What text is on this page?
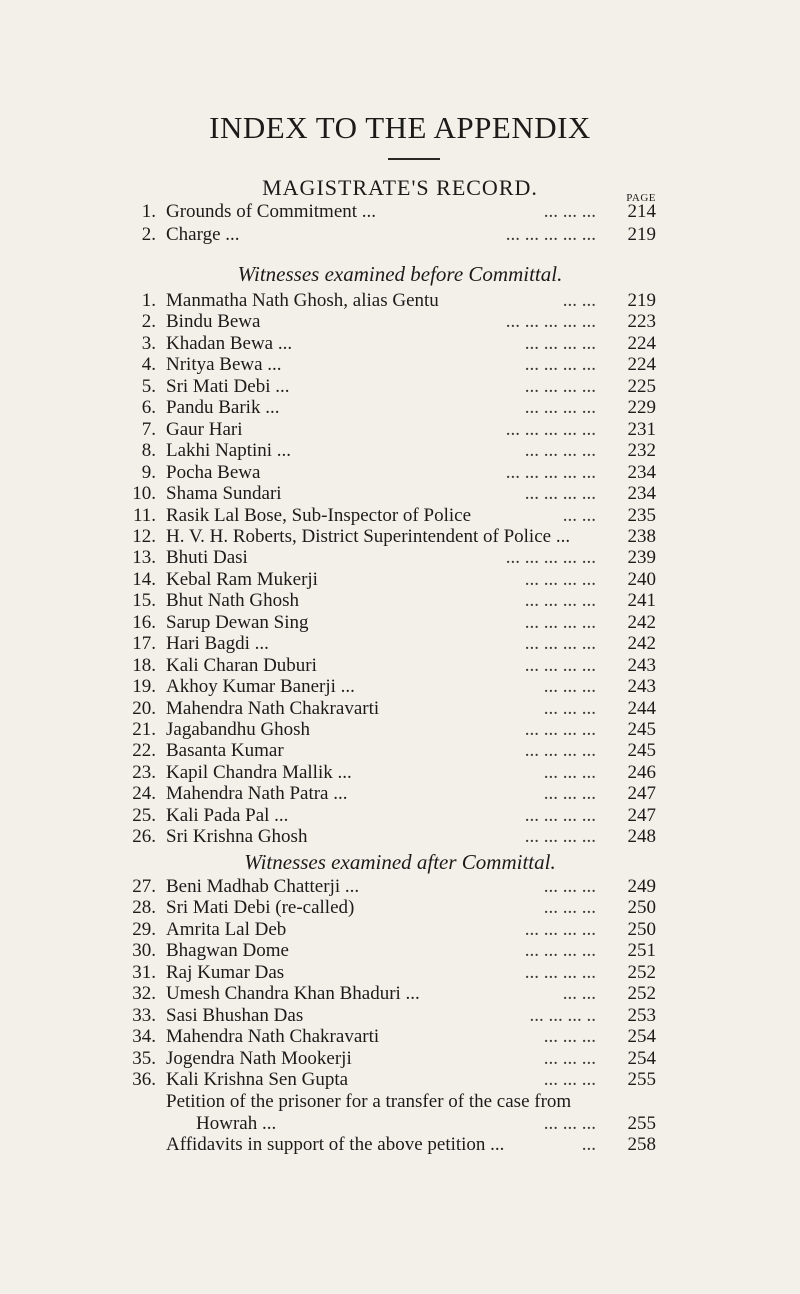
INDEX TO THE APPENDIX
MAGISTRATE'S RECORD.	PAGE
1. Grounds of Commitment ...	... ... ...	214
2. Charge ...	... ... ... ... ...	219
Witnesses examined before Committal.
1. Manmatha Nath Ghosh, alias Gentu	... ...	219
2. Bindu Bewa	... ... ... ... ...	223
3. Khadan Bewa ...	... ... ... ...	224
4. Nritya Bewa ...	... ... ... ...	224
5. Sri Mati Debi ...	... ... ... ...	225
6. Pandu Barik ...	... ... ... ...	229
7. Gaur Hari	... ... ... ... ...	231
8. Lakhi Naptini ...	... ... ... ...	232
9. Pocha Bewa	... ... ... ... ...	234
10. Shama Sundari	... ... ... ...	234
11. Rasik Lal Bose, Sub-Inspector of Police	... ...	235
12. H. V. H. Roberts, District Superintendent of Police ...	238
13. Bhuti Dasi	... ... ... ... ...	239
14. Kebal Ram Mukerji	... ... ... ...	240
15. Bhut Nath Ghosh	... ... ... ...	241
16. Sarup Dewan Sing	... ... ... ...	242
17. Hari Bagdi ...	... ... ... ...	242
18. Kali Charan Duburi	... ... ... ...	243
19. Akhoy Kumar Banerji ...	... ... ...	243
20. Mahendra Nath Chakravarti	... ... ...	244
21. Jagabandhu Ghosh	... ... ... ...	245
22. Basanta Kumar	... ... ... ...	245
23. Kapil Chandra Mallik ...	... ... ...	246
24. Mahendra Nath Patra ...	... ... ...	247
25. Kali Pada Pal ...	... ... ... ...	247
26. Sri Krishna Ghosh	... ... ... ...	248
Witnesses examined after Committal.
27. Beni Madhab Chatterji ...	... ... ...	249
28. Sri Mati Debi (re-called)	... ... ...	250
29. Amrita Lal Deb	... ... ... ...	250
30. Bhagwan Dome	... ... ... ...	251
31. Raj Kumar Das	... ... ... ...	252
32. Umesh Chandra Khan Bhaduri ...	... ...	252
33. Sasi Bhushan Das	... ... ... ..	253
34. Mahendra Nath Chakravarti	... ... ...	254
35. Jogendra Nath Mookerji	... ... ...	254
36. Kali Krishna Sen Gupta	... ... ...	255
Petition of the prisoner for a transfer of the case from
Howrah ...	... ... ...	255
Affidavits in support of the above petition ...	...	258
